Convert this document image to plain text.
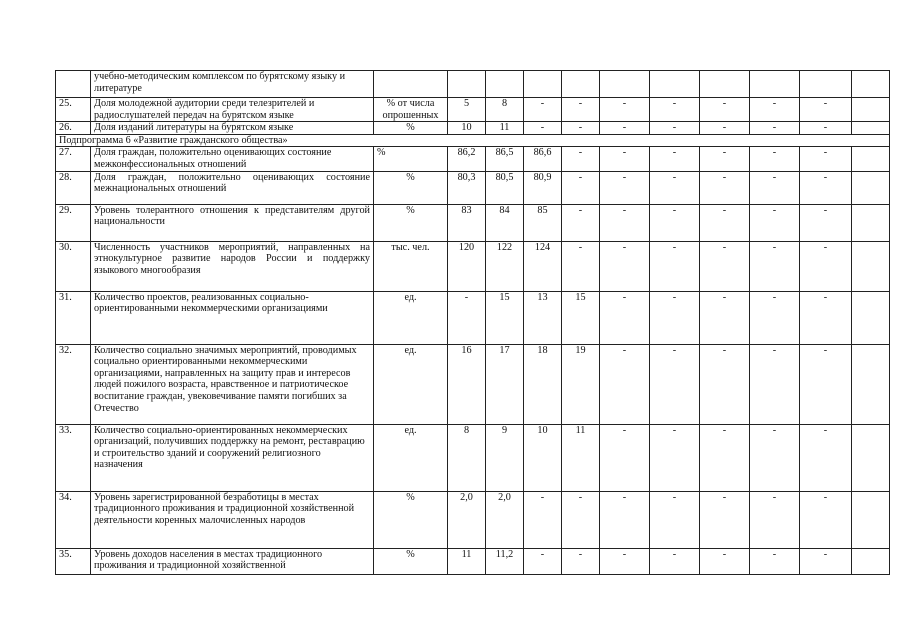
	учебно-методическим комплексом по бурятскому языку и литературе											
25.	Доля молодежной аудитории среди телезрителей и радиослушателей передач на бурятском языке	% от числа опрошенных	5	8	-	-	-	-	-	-	-	
26.	Доля изданий литературы на бурятском языке	%	10	11	-	-	-	-	-	-	-	
Подпрограмма 6 «Развитие гражданского общества»												
27.	Доля граждан, положительно оценивающих состояние межконфессиональных отношений	%	86,2	86,5	86,6	-	-	-	-	-	-	
28.	Доля граждан, положительно оценивающих состояние межнациональных отношений	%	80,3	80,5	80,9	-	-	-	-	-	-	
29.	Уровень толерантного отношения к представителям другой национальности	%	83	84	85	-	-	-	-	-	-	
30.	Численность участников мероприятий, направленных на этнокультурное развитие народов России и поддержку языкового многообразия	тыс. чел.	120	122	124	-	-	-	-	-	-	
31.	Количество проектов, реализованных социально-ориентированными некоммерческими организациями	ед.	-	15	13	15	-	-	-	-	-	
32.	Количество социально значимых мероприятий, проводимых социально ориентированными некоммерческими организациями, направленных на защиту прав и интересов людей пожилого возраста, нравственное и патриотическое воспитание граждан, увековечивание памяти погибших за Отечество	ед.	16	17	18	19	-	-	-	-	-	
33.	Количество социально-ориентированных некоммерческих организаций, получивших поддержку на ремонт, реставрацию и строительство зданий и сооружений религиозного назначения	ед.	8	9	10	11	-	-	-	-	-	
34.	Уровень зарегистрированной безработицы в местах традиционного проживания и традиционной хозяйственной деятельности коренных малочисленных народов	%	2,0	2,0	-	-	-	-	-	-	-	
35.	Уровень доходов населения в местах традиционного проживания и традиционной хозяйственной	%	11	11,2	-	-	-	-	-	-	-	
